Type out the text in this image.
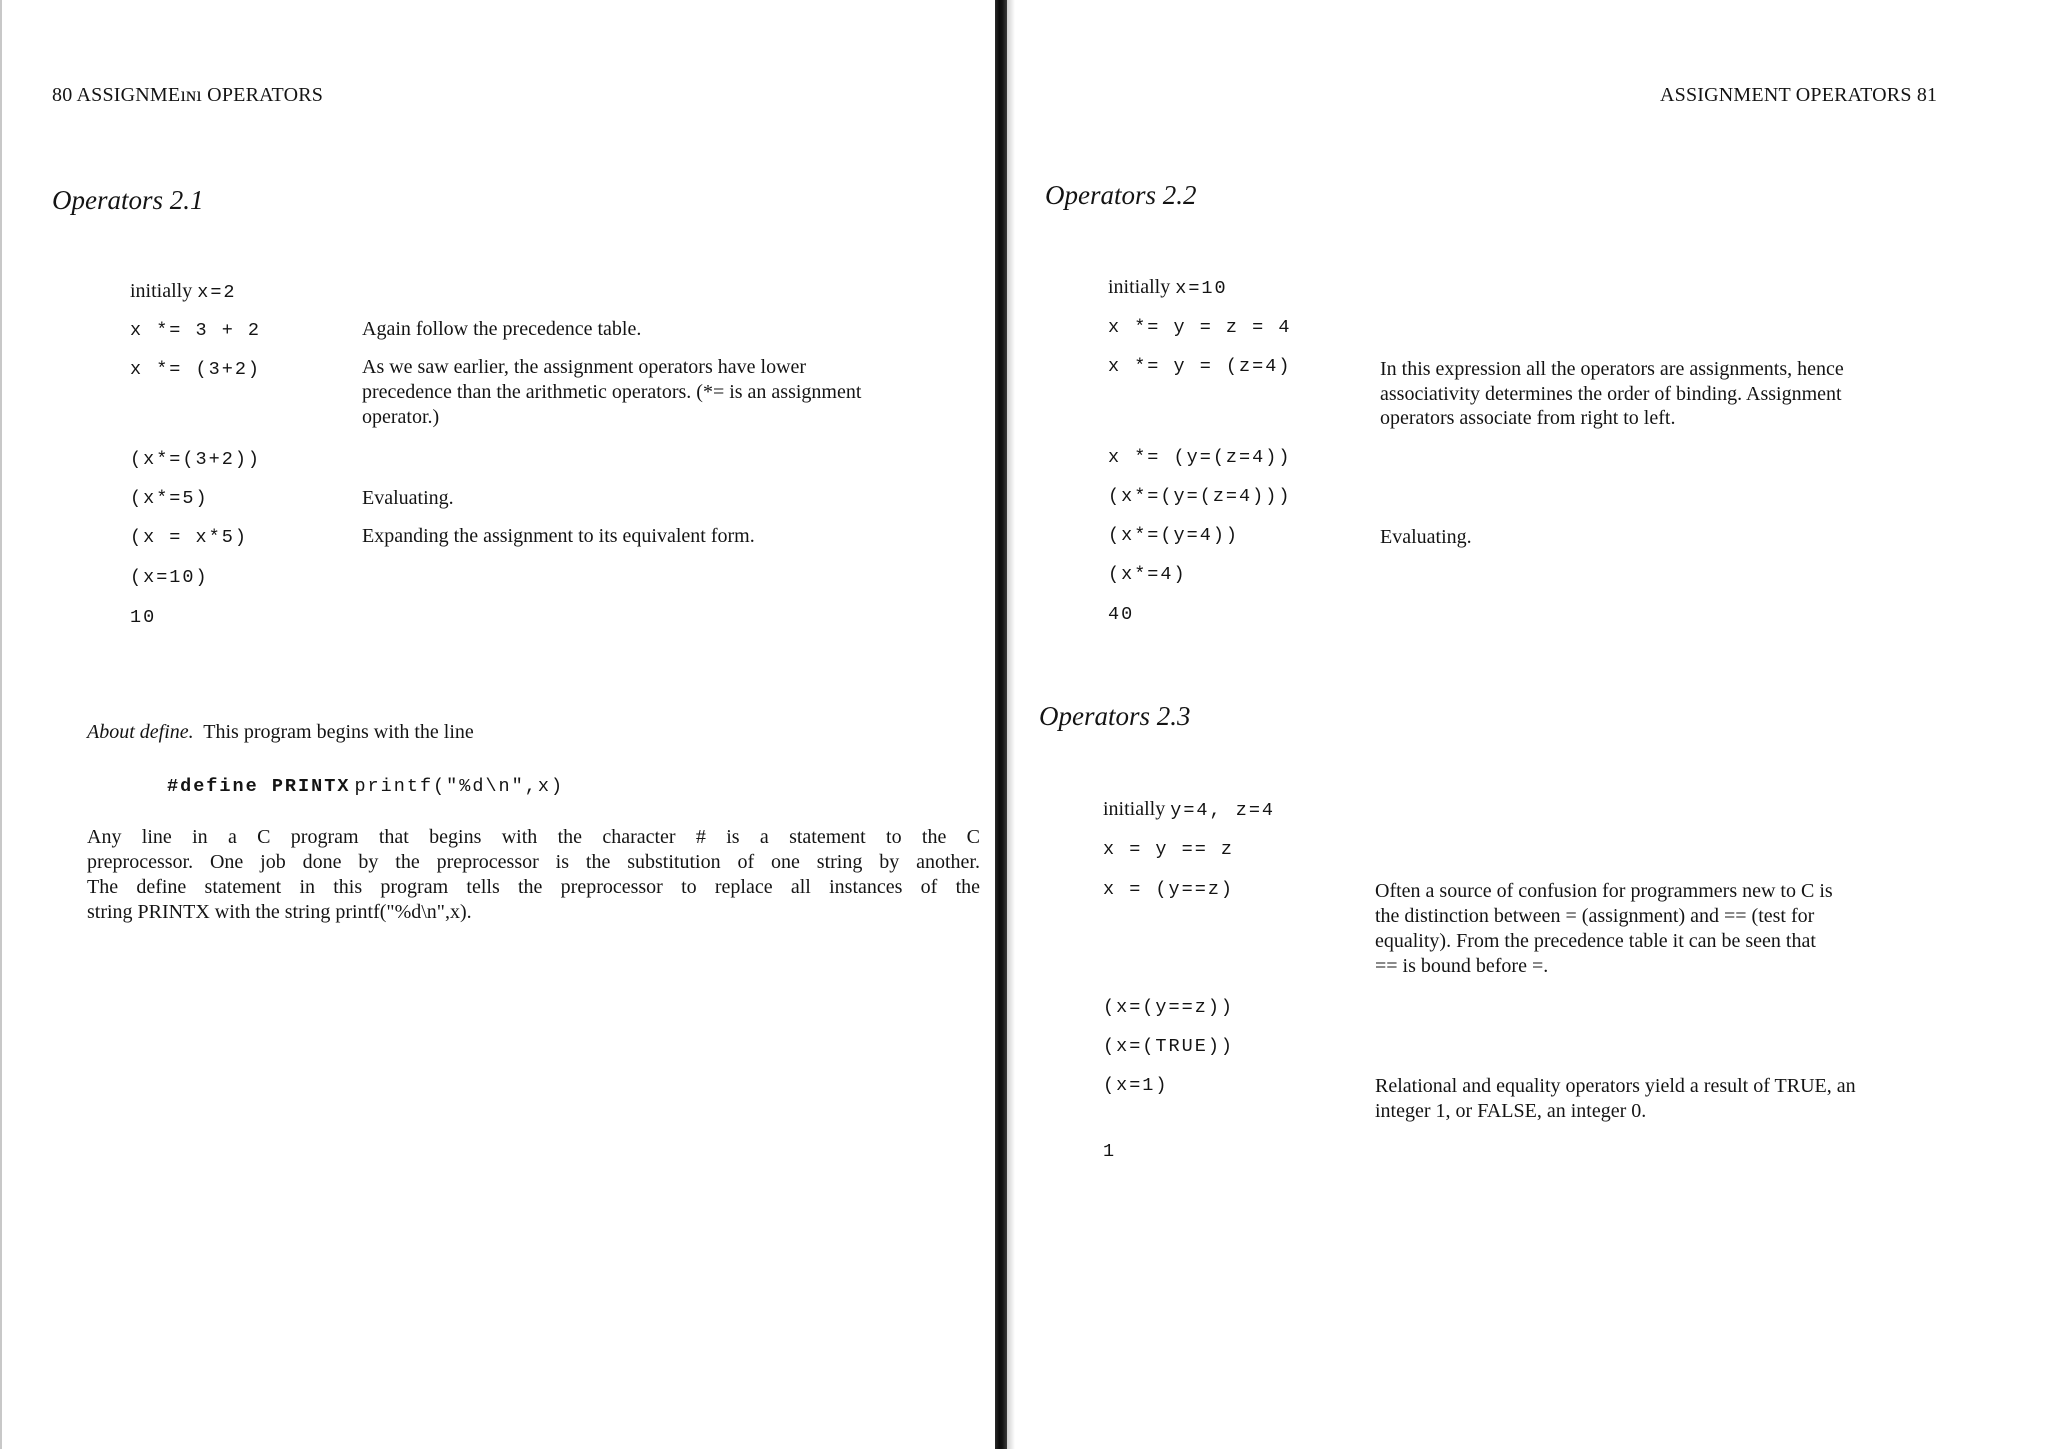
80 ASSIGNMEıɴı OPERATORS
Operators 2.1
initially x=2
x *= 3 + 2
x *= (3+2)
(x*=(3+2))
(x*=5)
(x = x*5)
(x=10)
10
Again follow the precedence table.
As we saw earlier, the assignment operators have lower
precedence than the arithmetic operators. (*= is an assignment
operator.)
Evaluating.
Expanding the assignment to its equivalent form.
About define. This program begins with the line
#define PRINTX printf("%d\n",x)
Any line in a C program that begins with the character # is a statement to the C
preprocessor. One job done by the preprocessor is the substitution of one string by another.
The define statement in this program tells the preprocessor to replace all instances of the
string PRINTX with the string printf("%d\n",x).
ASSIGNMENT OPERATORS 81
Operators 2.2
initially x=10
x *= y = z = 4
x *= y = (z=4)
x *= (y=(z=4))
(x*=(y=(z=4)))
(x*=(y=4))
(x*=4)
40
In this expression all the operators are assignments, hence
associativity determines the order of binding. Assignment
operators associate from right to left.
Evaluating.
Operators 2.3
initially y=4, z=4
x = y == z
x = (y==z)
(x=(y==z))
(x=(TRUE))
(x=1)
1
Often a source of confusion for programmers new to C is
the distinction between = (assignment) and == (test for
equality). From the precedence table it can be seen that
== is bound before =.
Relational and equality operators yield a result of TRUE, an
integer 1, or FALSE, an integer 0.
